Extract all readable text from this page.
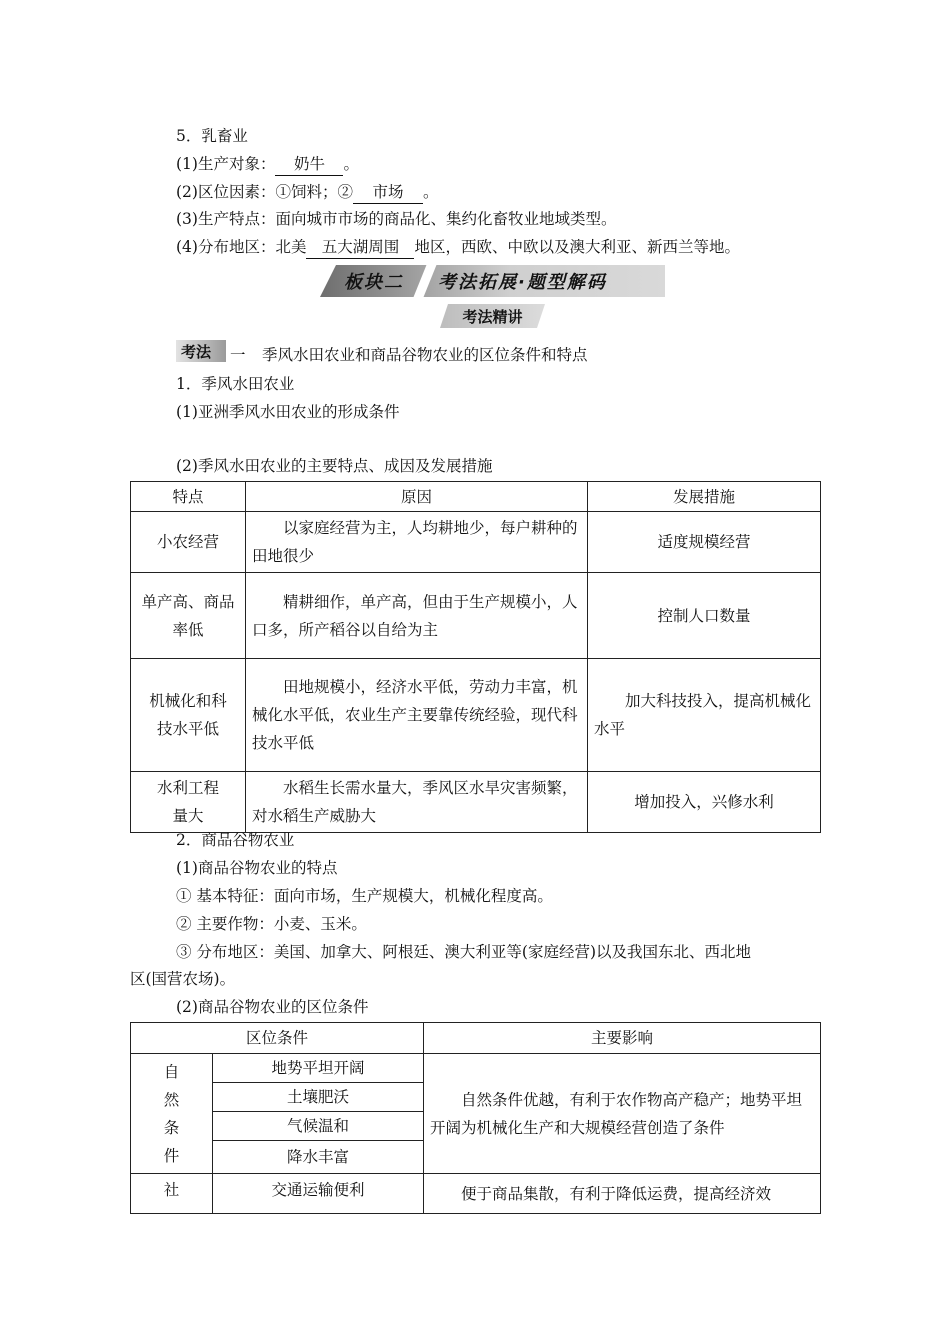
5．乳畜业
(1)生产对象： 奶牛 。
(2)区位因素：①饲料；② 市场 。
(3)生产特点：面向城市市场的商品化、集约化畜牧业地域类型。
(4)分布地区：北美 五大湖周围 地区，西欧、中欧以及澳大利亚、新西兰等地。
板块二 考法拓展·题型解码
考法精讲
考法 一 季风水田农业和商品谷物农业的区位条件和特点
1．季风水田农业
(1)亚洲季风水田农业的形成条件
(2)季风水田农业的主要特点、成因及发展措施
特点	原因	发展措施
小农经营	以家庭经营为主，人均耕地少，每户耕种的田地很少	适度规模经营
单产高、商品率低	精耕细作，单产高，但由于生产规模小，人口多，所产稻谷以自给为主	控制人口数量
机械化和科技水平低	田地规模小，经济水平低，劳动力丰富，机械化水平低，农业生产主要靠传统经验，现代科技水平低	加大科技投入，提高机械化水平
水利工程量大	水稻生长需水量大，季风区水旱灾害频繁，对水稻生产威胁大	增加投入，兴修水利
2．商品谷物农业
(1)商品谷物农业的特点
① 基本特征：面向市场，生产规模大，机械化程度高。
② 主要作物：小麦、玉米。
③ 分布地区：美国、加拿大、阿根廷、澳大利亚等(家庭经营)以及我国东北、西北地
区(国营农场)。
(2)商品谷物农业的区位条件
区位条件		主要影响
自然条件	地势平坦开阔	自然条件优越，有利于农作物高产稳产；地势平坦开阔为机械化生产和大规模经营创造了条件
	土壤肥沃	
	气候温和	
	降水丰富	
社	交通运输便利	便于商品集散，有利于降低运费，提高经济效
